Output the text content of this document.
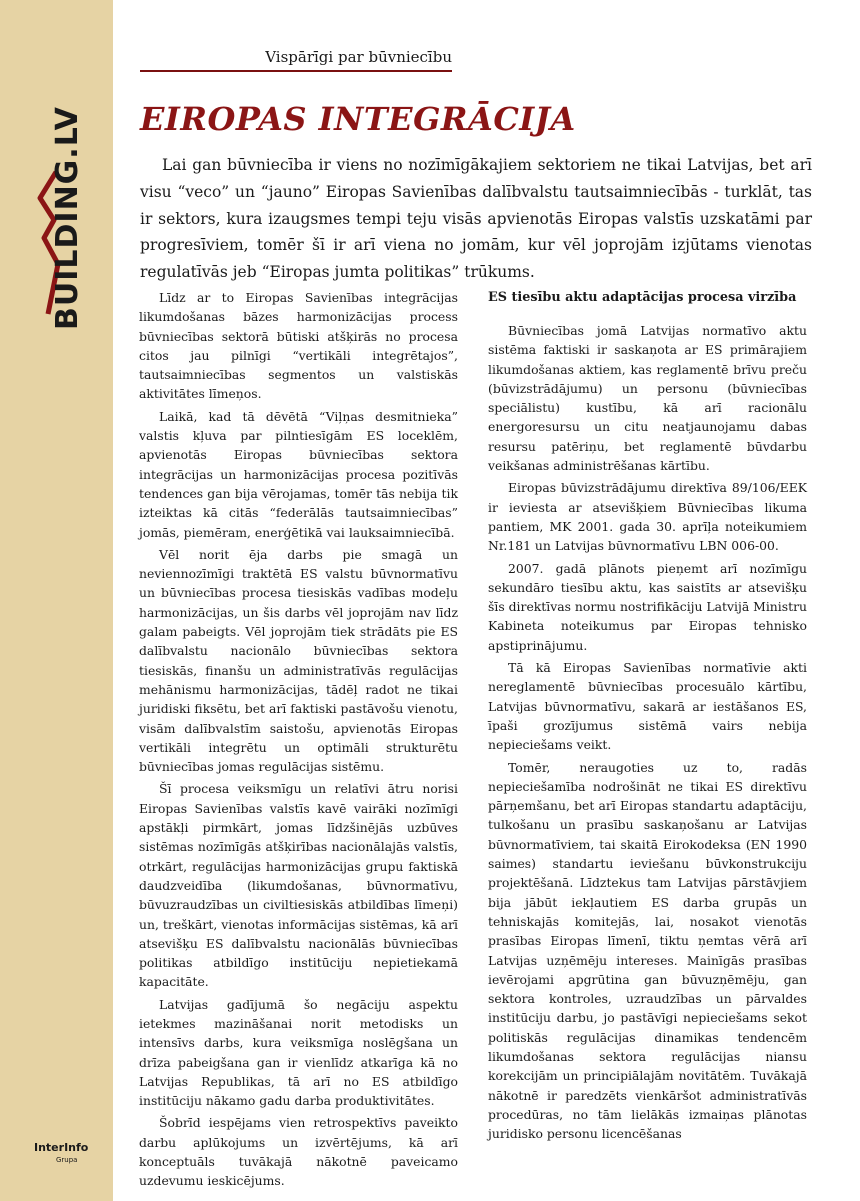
BUILDING.LV
InterInfo
Grupa
Vispārīgi par būvniecību
EIROPAS INTEGRĀCIJA

Lai gan būvniecība ir viens no nozīmīgākajiem sektoriem ne tikai Latvijas, bet arī visu “veco” un “jauno” Eiropas Savienības dalībvalstu tautsaimniecībās - turklāt, tas ir sektors, kura izaugsmes tempi teju visās apvienotās Eiropas valstīs uzskatāmi par progresīviem, tomēr šī ir arī viena no jomām, kur vēl joprojām izjūtams vienotas regulatīvās jeb “Eiropas jumta politikas” trūkums.

Līdz ar to Eiropas Savienības integrācijas likumdošanas bāzes harmonizācijas process būvniecības sektorā būtiski atšķirās no procesa citos jau pilnīgi “vertikāli integrētajos”, tautsaimniecības segmentos un valstiskās aktivitātes līmeņos.

Laikā, kad tā dēvētā “Viļņas desmitnieka” valstis kļuva par pilntiesīgām ES loceklēm, apvienotās Eiropas būvniecības sektora integrācijas un harmonizācijas procesa pozitīvās tendences gan bija vērojamas, tomēr tās nebija tik izteiktas kā citās “federālās tautsaimniecības” jomās, piemēram, enerģētikā vai lauksaimniecībā.

Vēl norit ēja darbs pie smagā un neviennozīmīgi traktētā ES valstu būvnormatīvu un būvniecības procesa tiesiskās vadības modeļu harmonizācijas, un šis darbs vēl joprojām nav līdz galam pabeigts. Vēl joprojām tiek strādāts pie ES dalībvalstu nacionālo būvniecības sektora tiesiskās, finanšu un administratīvās regulācijas mehānismu harmonizācijas, tādēļ radot ne tikai juridiski fiksētu, bet arī faktiski pastāvošu vienotu, visām dalībvalstīm saistošu, apvienotās Eiropas vertikāli integrētu un optimāli strukturētu būvniecības jomas regulācijas sistēmu.

Šī procesa veiksmīgu un relatīvi ātru norisi Eiropas Savienības valstīs kavē vairāki nozīmīgi apstākļi pirmkārt, jomas līdzšinējās uzbūves sistēmas nozīmīgās atšķirības nacionālajās valstīs, otrkārt, regulācijas harmonizācijas grupu faktiskā daudzveidība (likumdošanas, būvnormatīvu, būvuzraudzības un civiltiesiskās atbildības līmeņi) un, treškārt, vienotas informācijas sistēmas, kā arī atsevišķu ES dalībvalstu nacionālās būvniecības politikas atbildīgo institūciju nepietiekamā kapacitāte.

Latvijas gadījumā šo negāciju aspektu ietekmes mazināšanai norit metodisks un intensīvs darbs, kura veiksmīga noslēgšana un drīza pabeigšana gan ir vienlīdz atkarīga kā no Latvijas Republikas, tā arī no ES atbildīgo institūciju nākamo gadu darba produktivitātes.

Šobrīd iespējams vien retrospektīvs paveikto darbu aplūkojums un izvērtējums, kā arī konceptuāls tuvākajā nākotnē paveicamo uzdevumu ieskicējums.

ES tiesību aktu adaptācijas procesa virzība

Būvniecības jomā Latvijas normatīvo aktu sistēma faktiski ir saskaņota ar ES primārajiem likumdošanas aktiem, kas reglamentē brīvu preču (būvizstrādājumu) un personu (būvniecības speciālistu) kustību, kā arī racionālu energoresursu un citu neatjaunojamu dabas resursu patēriņu, bet reglamentē būvdarbu veikšanas administrēšanas kārtību.

Eiropas būvizstrādājumu direktīva 89/106/EEK ir ieviesta ar atsevišķiem Būvniecības likuma pantiem, MK 2001. gada 30. aprīļa noteikumiem Nr.181 un Latvijas būvnormatīvu LBN 006-00.

2007. gadā plānots pieņemt arī nozīmīgu sekundāro tiesību aktu, kas saistīts ar atsevišķu šīs direktīvas normu nostrifikāciju Latvijā Ministru Kabineta noteikumus par Eiropas tehnisko apstiprinājumu.

Tā kā Eiropas Savienības normatīvie akti nereglamentē būvniecības procesuālo kārtību, Latvijas būvnormatīvu, sakarā ar iestāšanos ES, īpaši grozījumus sistēmā vairs nebija nepieciešams veikt.

Tomēr, neraugoties uz to, radās nepieciešamība nodrošināt ne tikai ES direktīvu pārņemšanu, bet arī Eiropas standartu adaptāciju, tulkošanu un prasību saskaņošanu ar Latvijas būvnormatīviem, tai skaitā Eirokodeksa (EN 1990 saimes) standartu ieviešanu būvkonstrukciju projektēšanā. Līdztekus tam Latvijas pārstāvjiem bija jābūt iekļautiem ES darba grupās un tehniskajās komitejās, lai, nosakot vienotās prasības Eiropas līmenī, tiktu ņemtas vērā arī Latvijas uzņēmēju intereses. Mainīgās prasības ievērojami apgrūtina gan būvuzņēmēju, gan sektora kontroles, uzraudzības un pārvaldes institūciju darbu, jo pastāvīgi nepieciešams sekot politiskās regulācijas dinamikas tendencēm likumdošanas sektora regulācijas niansu korekcijām un principiālajām novitātēm. Tuvākajā nākotnē ir paredzēts vienkāršot administratīvās procedūras, no tām lielākās izmaiņas plānotas juridisko personu licencēšanas
